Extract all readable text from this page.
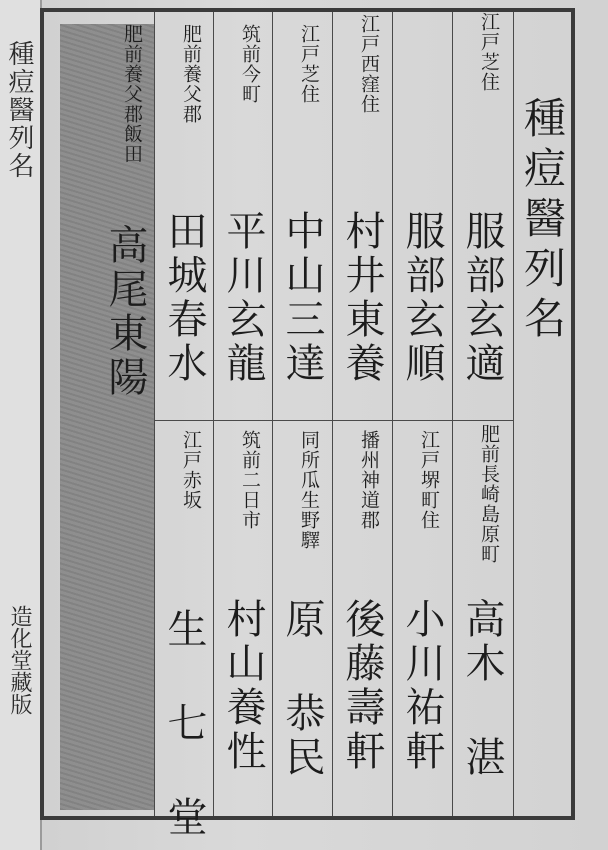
種痘醫列名
造化堂藏版
種痘醫列名
江戸芝住
服部玄適
服部玄順
江戸西窪住
村井東養
江戸芝住
中山三達
筑前今町
平川玄龍
肥前養父郡
田城春水
肥前養父郡飯田
高尾東陽
肥前長崎島原町
高木 湛
江戸堺町住
小川祐軒
播州神道郡
後藤壽軒
同所瓜生野驛
原 恭民
筑前二日市
村山養性
江戸赤坂
生 七 堂
